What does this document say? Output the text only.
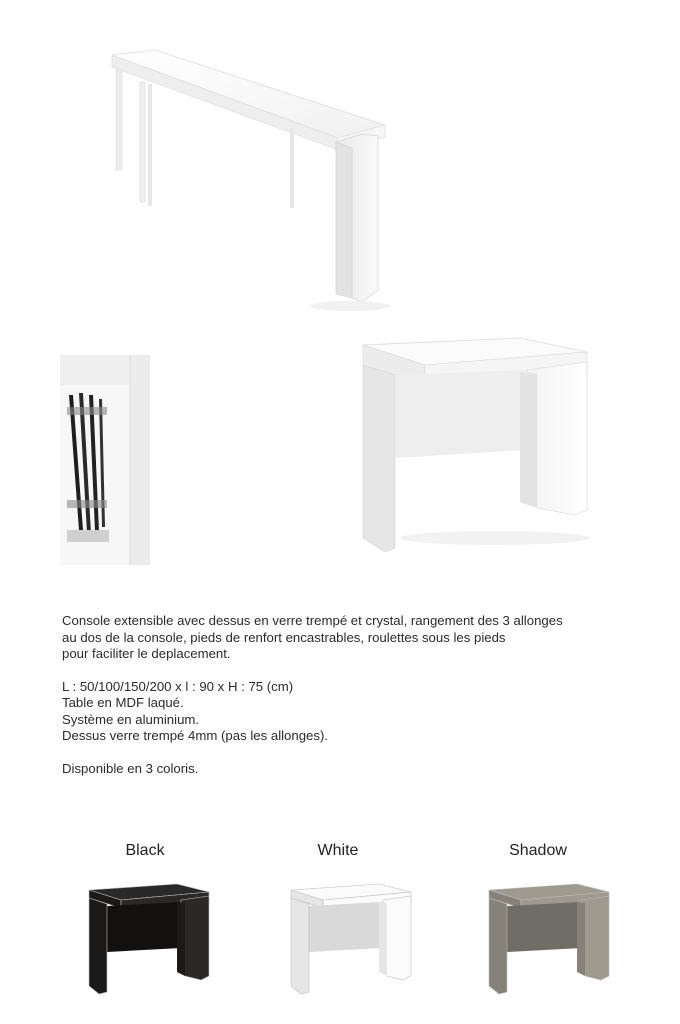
Console extensible avec dessus en verre trempé et crystal, rangement des 3 allonges

au dos de la console, pieds de renfort encastrables, roulettes sous les pieds

pour faciliter le deplacement.

L : 50/100/150/200 x l : 90 x H : 75 (cm)

Table en MDF laqué.

Système en aluminium.

Dessus verre trempé 4mm (pas les allonges).

Disponible en 3 coloris.

Black	White	Shadow
